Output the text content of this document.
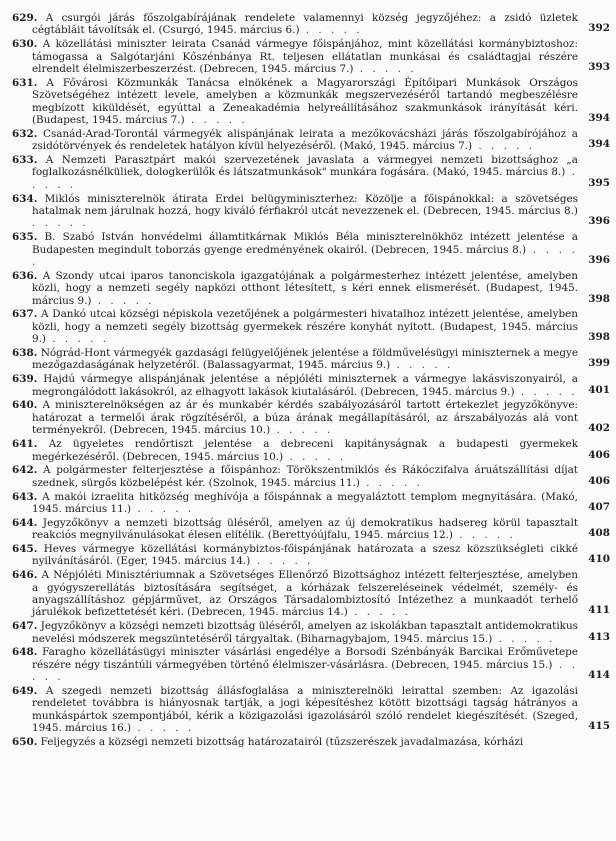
629. A csurgói járás főszolgabírájának rendelete valamennyi község jegyzőjéhez: a zsidó üzletek cégtábláit távolítsák el. (Csurgó, 1945. március 6.) . . . . .	392
630. A közellátási miniszter leirata Csanád vármegye főispánjához, mint közellátási kormánybiztoshoz: támogassa a Salgótarjáni Kőszénbánya Rt. teljesen ellátatlan munkásai és családtagjai részére elrendelt élelmiszerbeszerzést. (Debrecen, 1945. március 7.) . . . . .	393
631. A Fővárosi Közmunkák Tanácsa elnökének a Magyarországi Építőipari Munkások Országos Szövetségéhez intézett levele, amelyben a közmunkák megszervezéséről tartandó megbeszélésre megbízott kiküldését, egyúttal a Zeneakadémia helyreállításához szakmunkások irányítását kéri. (Budapest, 1945. március 7.) . . . . .	394
632. Csanád-Arad-Torontál vármegyék alispánjának leirata a mezőkovácsházi járás főszolgabírójához a zsidótörvények és rendeletek hatályon kívül helyezéséről. (Makó, 1945. március 7.) . . . . .	394
633. A Nemzeti Parasztpárt makói szervezetének javaslata a vármegyei nemzeti bizottsághoz „a foglalkozásnélküliek, dologkerülők és látszatmunkások" munkára fogására. (Makó, 1945. március 8.) . . . . .	395
634. Miklós miniszterelnök átirata Erdei belügyminiszterhez: Közölje a főispánokkal: a szövetséges hatalmak nem járulnak hozzá, hogy kiváló férfiakról utcát nevezzenek el. (Debrecen, 1945. március 8.) . . . . .	396
635. B. Szabó István honvédelmi államtitkárnak Miklós Béla miniszterelnökhöz intézett jelentése a Budapesten megindult toborzás gyenge eredményének okairól. (Debrecen, 1945. március 8.) . . . . .	396
636. A Szondy utcai iparos tanonciskola igazgatójának a polgármesterhez intézett jelentése, amelyben közli, hogy a nemzeti segély napközi otthont létesített, s kéri ennek elismerését. (Budapest, 1945. március 9.) . . . . .	398
637. A Dankó utcai községi népiskola vezetőjének a polgármesteri hivatalhoz intézett jelentése, amelyben közli, hogy a nemzeti segély bizottság gyermekek részére konyhát nyitott. (Budapest, 1945. március 9.) . . . . .	398
638. Nógrád-Hont vármegyék gazdasági felügyelőjének jelentése a földművelésügyi miniszternek a megye mezőgazdaságának helyzetéről. (Balassagyarmat, 1945. március 9.) . . . . .	399
639. Hajdú vármegye alispánjának jelentése a népjóléti miniszternek a vármegye lakásviszonyairól, a megrongálódott lakásokról, az elhagyott lakások kiutalásáról. (Debrecen, 1945. március 9.) . . . . .	401
640. A miniszterelnökségen az ár és munkabér kérdés szabályozásáról tartott értekezlet jegyzőkönyve: határozat a termelői árak rögzítéséről, a búza árának megállapításáról, az árszabályozás alá vont terményekről. (Debrecen, 1945. március 10.) . . . . .	402
641. Az ügyeletes rendőrtiszt jelentése a debreceni kapitányságnak a budapesti gyermekek megérkezéséről. (Debrecen, 1945. március 10.) . . . . .	406
642. A polgármester felterjesztése a főispánhoz: Törökszentmiklós és Rákóczifalva áruátszállítási díjat szednek, sürgős közbelépést kér. (Szolnok, 1945. március 11.) . . . . .	406
643. A makói izraelita hitközség meghívója a főispánnak a megyaláztott templom megnyitására. (Makó, 1945. március 11.) . . . . .	407
644. Jegyzőkönyv a nemzeti bizottság üléséről, amelyen az új demokratikus hadsereg körül tapasztalt reakciós megnyilvánulásokat élesen elítélik. (Berettyóújfalu, 1945. március 12.) . . . . .	408
645. Heves vármegye közellátási kormánybiztos-főispánjának határozata a szesz közszükségleti cikké nyilvánításáról. (Eger, 1945. március 14.) . . . . .	410
646. A Népjóléti Minisztériumnak a Szövetséges Ellenőrző Bizottsághoz intézett felterjesztése, amelyben a gyógyszerellátás biztosítására segítséget, a kórházak felszereléseinek védelmét, személy- és anyagszállításhoz gépjárművet, az Országos Társadalombiztosító Intézethez a munkaadót terhelő járulékok befizettetését kéri. (Debrecen, 1945. március 14.) . . . . .	411
647. Jegyzőkönyv a községi nemzeti bizottság üléséről, amelyen az iskolákban tapasztalt antidemokratikus nevelési módszerek megszüntetéséről tárgyaltak. (Biharnagybajom, 1945. március 15.) . . . . .	413
648. Faragho közellátásügyi miniszter vásárlási engedélye a Borsodi Szénbányák Barcikai Erőművetepe részére négy tiszántúli vármegyében történő élelmiszer-vásárlásra. (Debrecen, 1945. március 15.) . . . . .	414
649. A szegedi nemzeti bizottság állásfoglalása a miniszterelnöki leirattal szemben: Az igazolási rendeletet továbbra is hiányosnak tartják, a jogi képesítéshez kötött bizottsági tagság hátrányos a munkáspártok szempontjából, kérik a közigazolási igazolásáról szóló rendelet kiegészítését. (Szeged, 1945. március 16.) . . . . .	415
650. Feljegyzés a községi nemzeti bizottság határozatairól (tűzszerészek javadalmazása, kórházi
